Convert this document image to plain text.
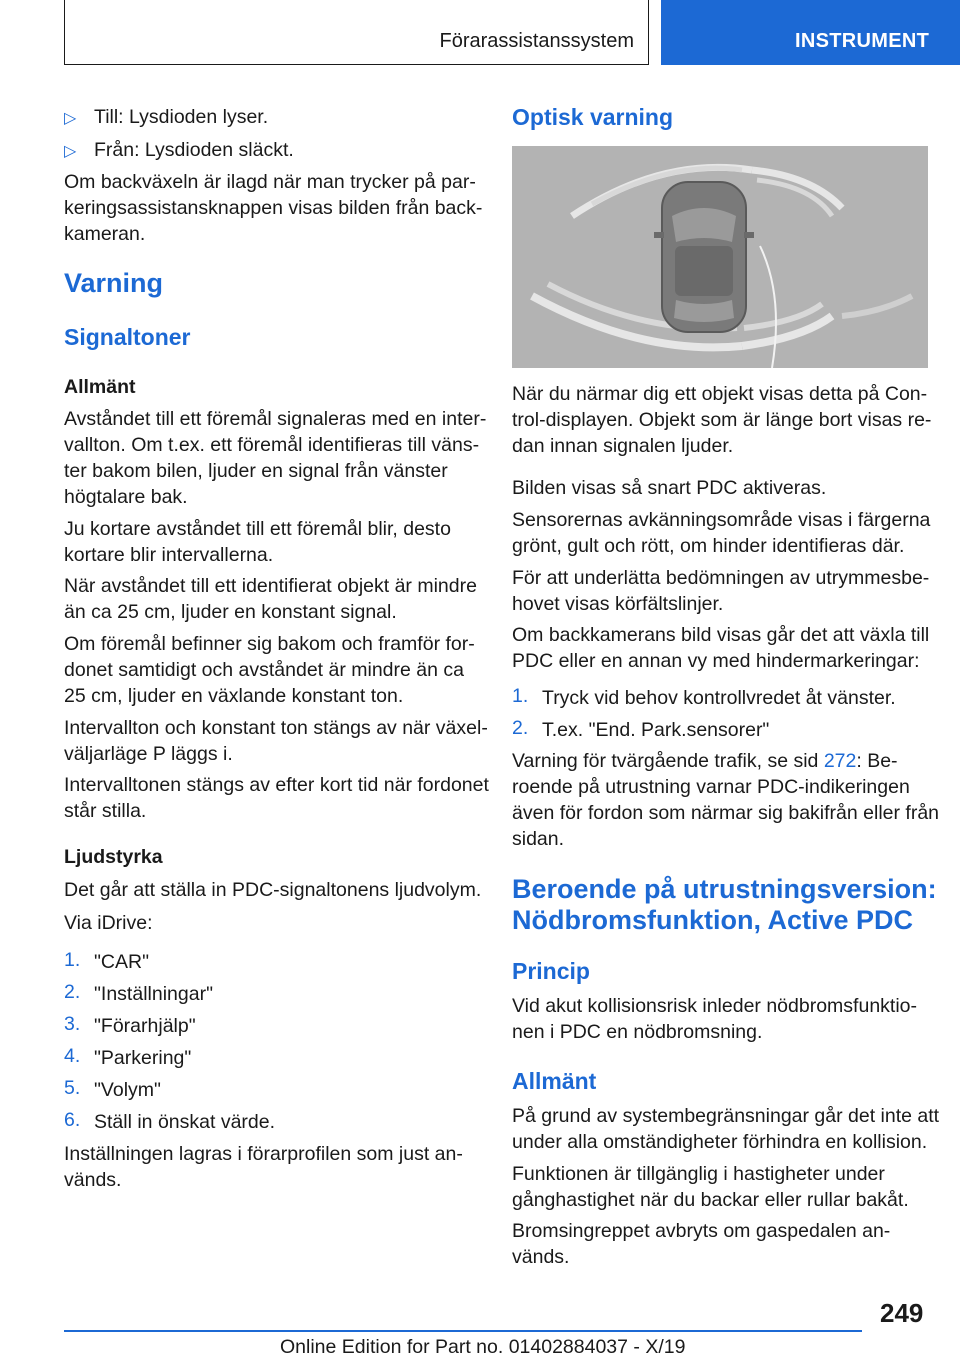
Förarassistanssystem	INSTRUMENT
▷ Till: Lysdioden lyser.

▷ Från: Lysdioden släckt.

Om backväxeln är ilagd när man trycker på par-

keringsassistansknappen visas bilden från back-

kameran.

Varning
Signaltoner
Allmänt

Avståndet till ett föremål signaleras med en inter-

vallton. Om t.ex. ett föremål identifieras till väns-

ter bakom bilen, ljuder en signal från vänster

högtalare bak.

Ju kortare avståndet till ett föremål blir, desto

kortare blir intervallerna.

När avståndet till ett identifierat objekt är mindre

än ca 25 cm, ljuder en konstant signal.

Om föremål befinner sig bakom och framför for-

donet samtidigt och avståndet är mindre än ca

25 cm, ljuder en växlande konstant ton.

Intervallton och konstant ton stängs av när växel-

väljarläge P läggs i.

Intervalltonen stängs av efter kort tid när fordonet

står stilla.

Ljudstyrka

Det går att ställa in PDC-signaltonens ljudvolym.

Via iDrive:

1. "CAR"

2. "Inställningar"

3. "Förarhjälp"

4. "Parkering"

5. "Volym"

6. Ställ in önskat värde.

Inställningen lagras i förarprofilen som just an-

vänds.

Optisk varning

När du närmar dig ett objekt visas detta på Con-

trol-displayen. Objekt som är länge bort visas re-

dan innan signalen ljuder.

Bilden visas så snart PDC aktiveras.

Sensorernas avkänningsområde visas i färgerna

grönt, gult och rött, om hinder identifieras där.

För att underlätta bedömningen av utrymmesbe-

hovet visas körfältslinjer.

Om backkamerans bild visas går det att växla till

PDC eller en annan vy med hindermarkeringar:

1. Tryck vid behov kontrollvredet åt vänster.

2. T.ex. "End. Park.sensorer"

Varning för tvärgående trafik, se sid 272: Be-

roende på utrustning varnar PDC-indikeringen

även för fordon som närmar sig bakifrån eller från

sidan.

Beroende på utrustningsversion:
Nödbromsfunktion, Active PDC
Princip

Vid akut kollisionsrisk inleder nödbromsfunktio-

nen i PDC en nödbromsning.

Allmänt

På grund av systembegränsningar går det inte att

under alla omständigheter förhindra en kollision.

Funktionen är tillgänglig i hastigheter under

gånghastighet när du backar eller rullar bakåt.

Bromsingreppet avbryts om gaspedalen an-

vänds.

249
Online Edition for Part no. 01402884037 - X/19
